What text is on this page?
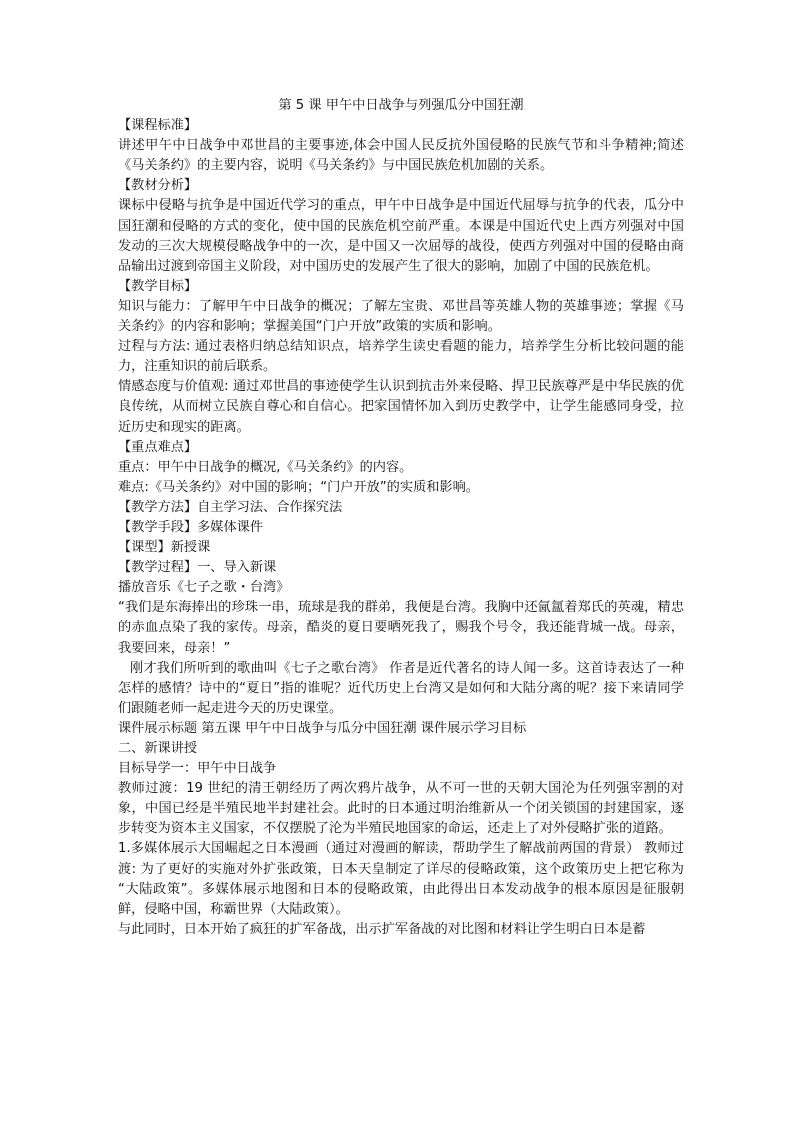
第 5 课 甲午中日战争与列强瓜分中国狂潮

【课程标准】

讲述甲午中日战争中邓世昌的主要事迹,体会中国人民反抗外国侵略的民族气节和斗争精神;简述《马关条约》的主要内容，说明《马关条约》与中国民族危机加剧的关系。

【教材分析】

课标中侵略与抗争是中国近代学习的重点，甲午中日战争是中国近代屈辱与抗争的代表，瓜分中国狂潮和侵略的方式的变化，使中国的民族危机空前严重。本课是中国近代史上西方列强对中国发动的三次大规模侵略战争中的一次，是中国又一次屈辱的战役，使西方列强对中国的侵略由商品输出过渡到帝国主义阶段，对中国历史的发展产生了很大的影响，加剧了中国的民族危机。

【教学目标】

知识与能力：了解甲午中日战争的概况；了解左宝贵、邓世昌等英雄人物的英雄事迹；掌握《马关条约》的内容和影响；掌握美国“门户开放”政策的实质和影响。

过程与方法: 通过表格归纳总结知识点，培养学生读史看题的能力，培养学生分析比较问题的能力，注重知识的前后联系。

情感态度与价值观: 通过邓世昌的事迹使学生认识到抗击外来侵略、捍卫民族尊严是中华民族的优良传统，从而树立民族自尊心和自信心。把家国情怀加入到历史教学中，让学生能感同身受，拉近历史和现实的距离。

【重点难点】

重点：甲午中日战争的概况,《马关条约》的内容。

难点:《马关条约》对中国的影响；“门户开放”的实质和影响。

【教学方法】自主学习法、合作探究法

【教学手段】多媒体课件

【课型】新授课

【教学过程】一、导入新课

播放音乐《七子之歌・台湾》

“我们是东海捧出的珍珠一串，琉球是我的群弟，我便是台湾。我胸中还氤氲着郑氏的英魂，精忠的赤血点染了我的家传。母亲，酷炎的夏日要晒死我了，赐我个号令，我还能背城一战。母亲，我要回来，母亲！”

刚才我们所听到的歌曲叫《七子之歌台湾》 作者是近代著名的诗人闻一多。这首诗表达了一种怎样的感情？诗中的“夏日”指的谁呢？近代历史上台湾又是如何和大陆分离的呢？接下来请同学们跟随老师一起走进今天的历史课堂。

课件展示标题 第五课 甲午中日战争与瓜分中国狂潮 课件展示学习目标

二、新课讲授

目标导学一：甲午中日战争

教师过渡：19 世纪的清王朝经历了两次鸦片战争，从不可一世的天朝大国沦为任列强宰割的对象，中国已经是半殖民地半封建社会。此时的日本通过明治维新从一个闭关锁国的封建国家，逐步转变为资本主义国家，不仅摆脱了沦为半殖民地国家的命运，还走上了对外侵略扩张的道路。

1.多媒体展示大国崛起之日本漫画（通过对漫画的解读，帮助学生了解战前两国的背景） 教师过渡: 为了更好的实施对外扩张政策，日本天皇制定了详尽的侵略政策，这个政策历史上把它称为 “大陆政策”。多媒体展示地图和日本的侵略政策，由此得出日本发动战争的根本原因是征服朝鲜，侵略中国，称霸世界（大陆政策）。

与此同时，日本开始了疯狂的扩军备战，出示扩军备战的对比图和材料让学生明白日本是蓄
